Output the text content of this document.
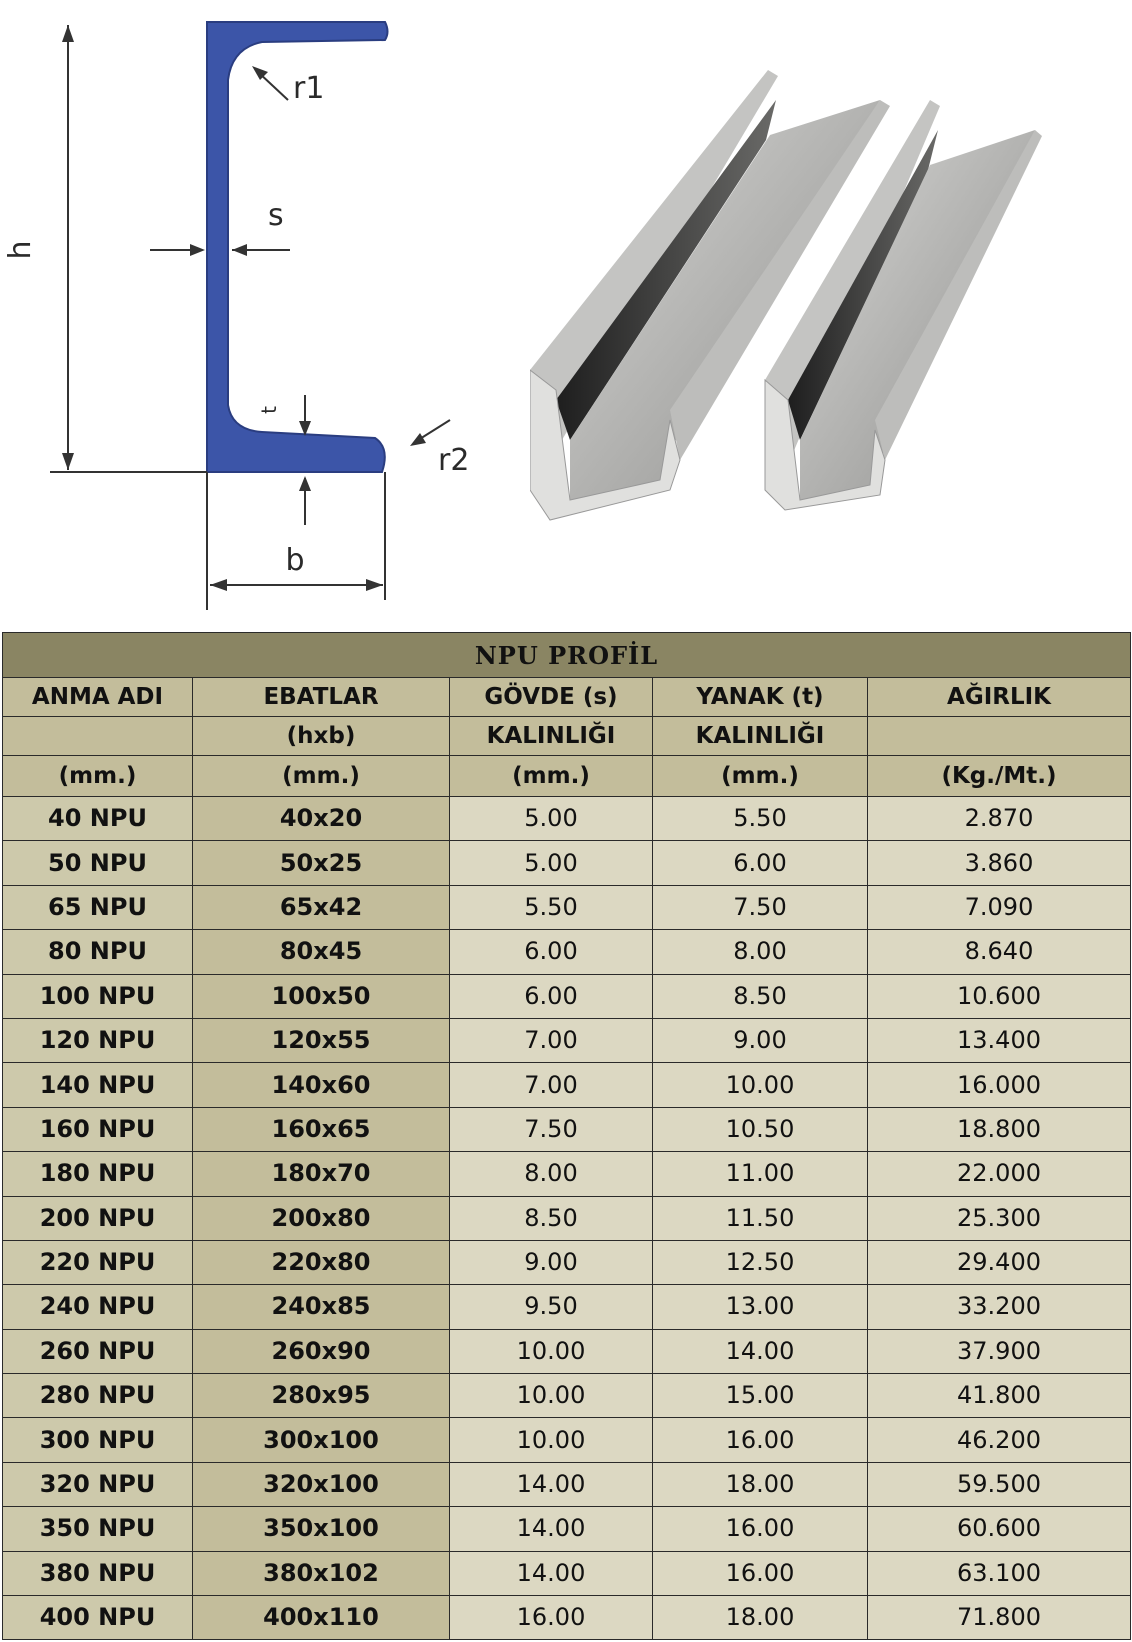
h
s
t
b
r1
r2
NPU PROFİL				
ANMA ADI	EBATLAR	GÖVDE (s)	YANAK (t)	AĞIRLIK
	(hxb)	KALINLIĞI	KALINLIĞI	
(mm.)	(mm.)	(mm.)	(mm.)	(Kg./Mt.)
40 NPU	40x20	5.00	5.50	2.870
50 NPU	50x25	5.00	6.00	3.860
65 NPU	65x42	5.50	7.50	7.090
80 NPU	80x45	6.00	8.00	8.640
100 NPU	100x50	6.00	8.50	10.600
120 NPU	120x55	7.00	9.00	13.400
140 NPU	140x60	7.00	10.00	16.000
160 NPU	160x65	7.50	10.50	18.800
180 NPU	180x70	8.00	11.00	22.000
200 NPU	200x80	8.50	11.50	25.300
220 NPU	220x80	9.00	12.50	29.400
240 NPU	240x85	9.50	13.00	33.200
260 NPU	260x90	10.00	14.00	37.900
280 NPU	280x95	10.00	15.00	41.800
300 NPU	300x100	10.00	16.00	46.200
320 NPU	320x100	14.00	18.00	59.500
350 NPU	350x100	14.00	16.00	60.600
380 NPU	380x102	14.00	16.00	63.100
400 NPU	400x110	16.00	18.00	71.800
